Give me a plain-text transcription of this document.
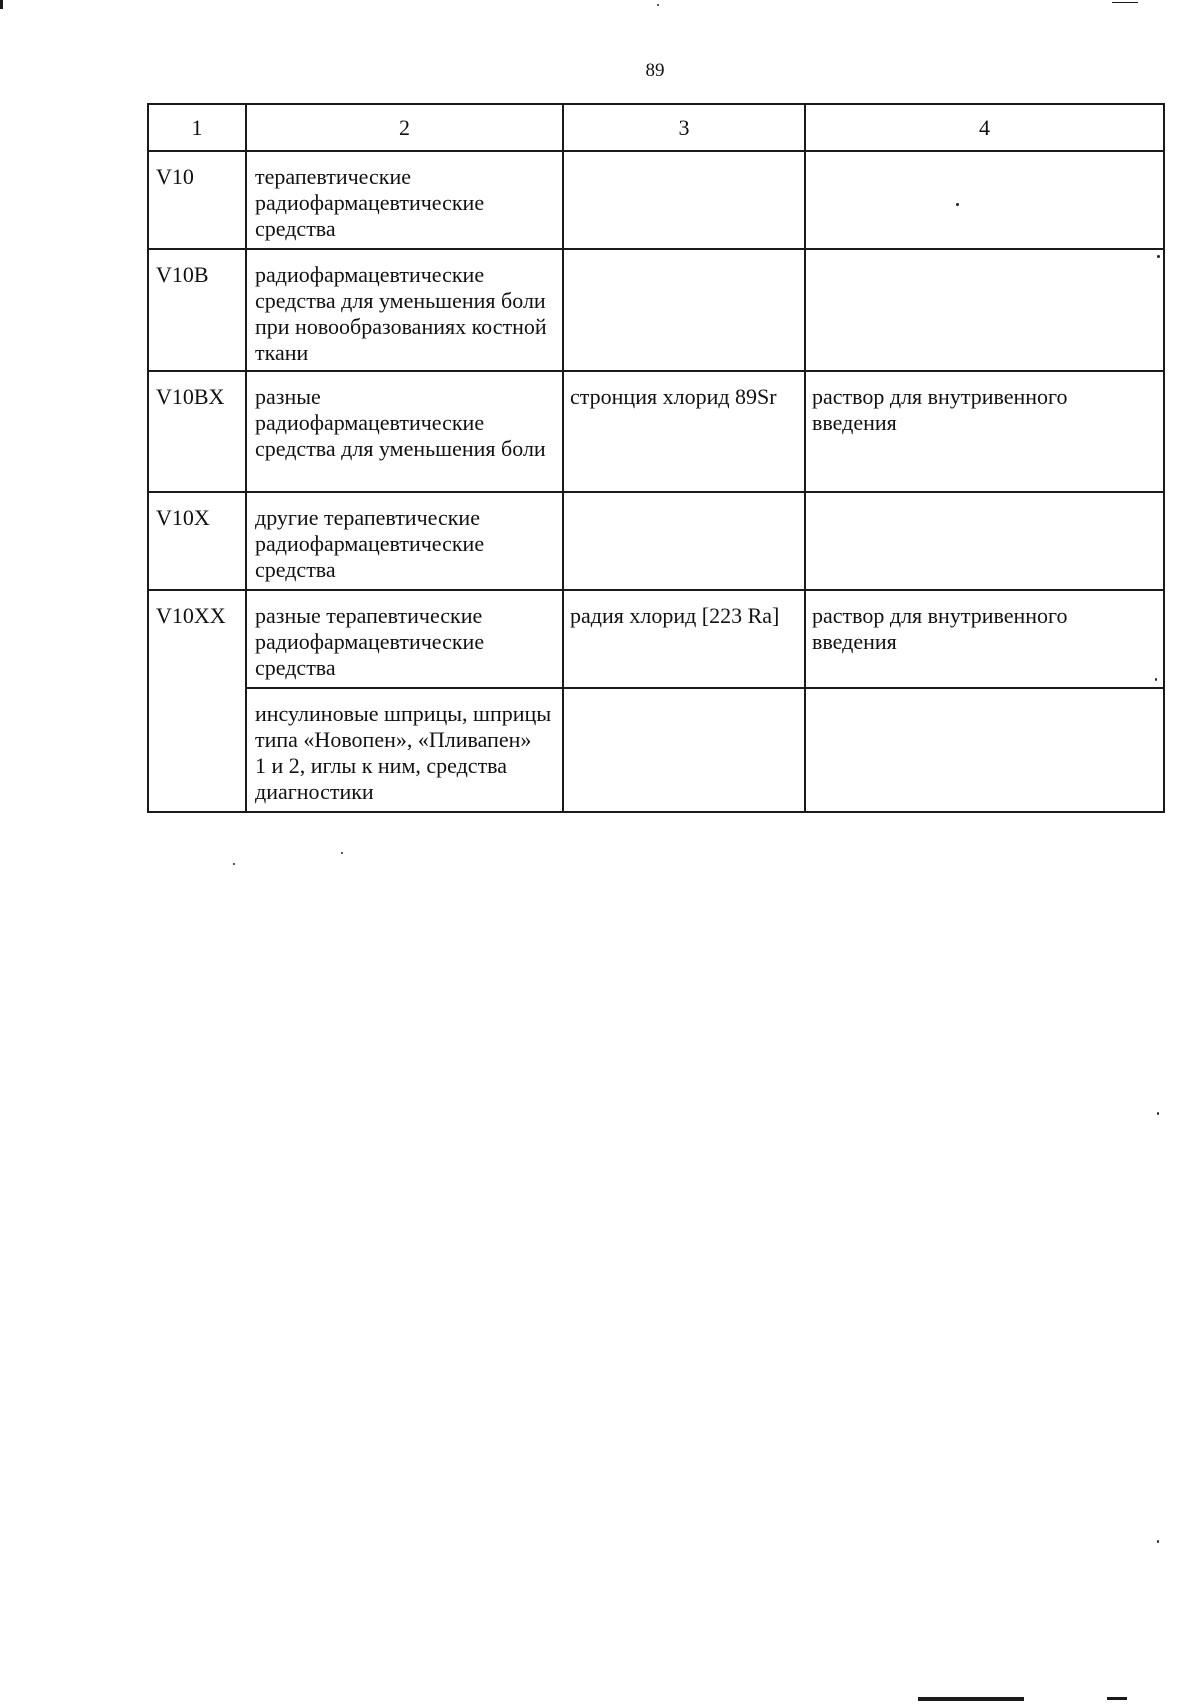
89
1	2	3	4
V10	терапевтические
радиофармацевтические
средства		
V10B	радиофармацевтические
средства для уменьшения боли
при новообразованиях костной
ткани		
V10BX	разные
радиофармацевтические
средства для уменьшения боли	стронция хлорид 89Sr	раствор для внутривенного
введения
V10X	другие терапевтические
радиофармацевтические
средства		
V10XX	разные терапевтические
радиофармацевтические
средства	радия хлорид [223 Ra]	раствор для внутривенного
введения
	инсулиновые шприцы, шприцы
типа «Новопен», «Пливапен»
1 и 2, иглы к ним, средства
диагностики		
